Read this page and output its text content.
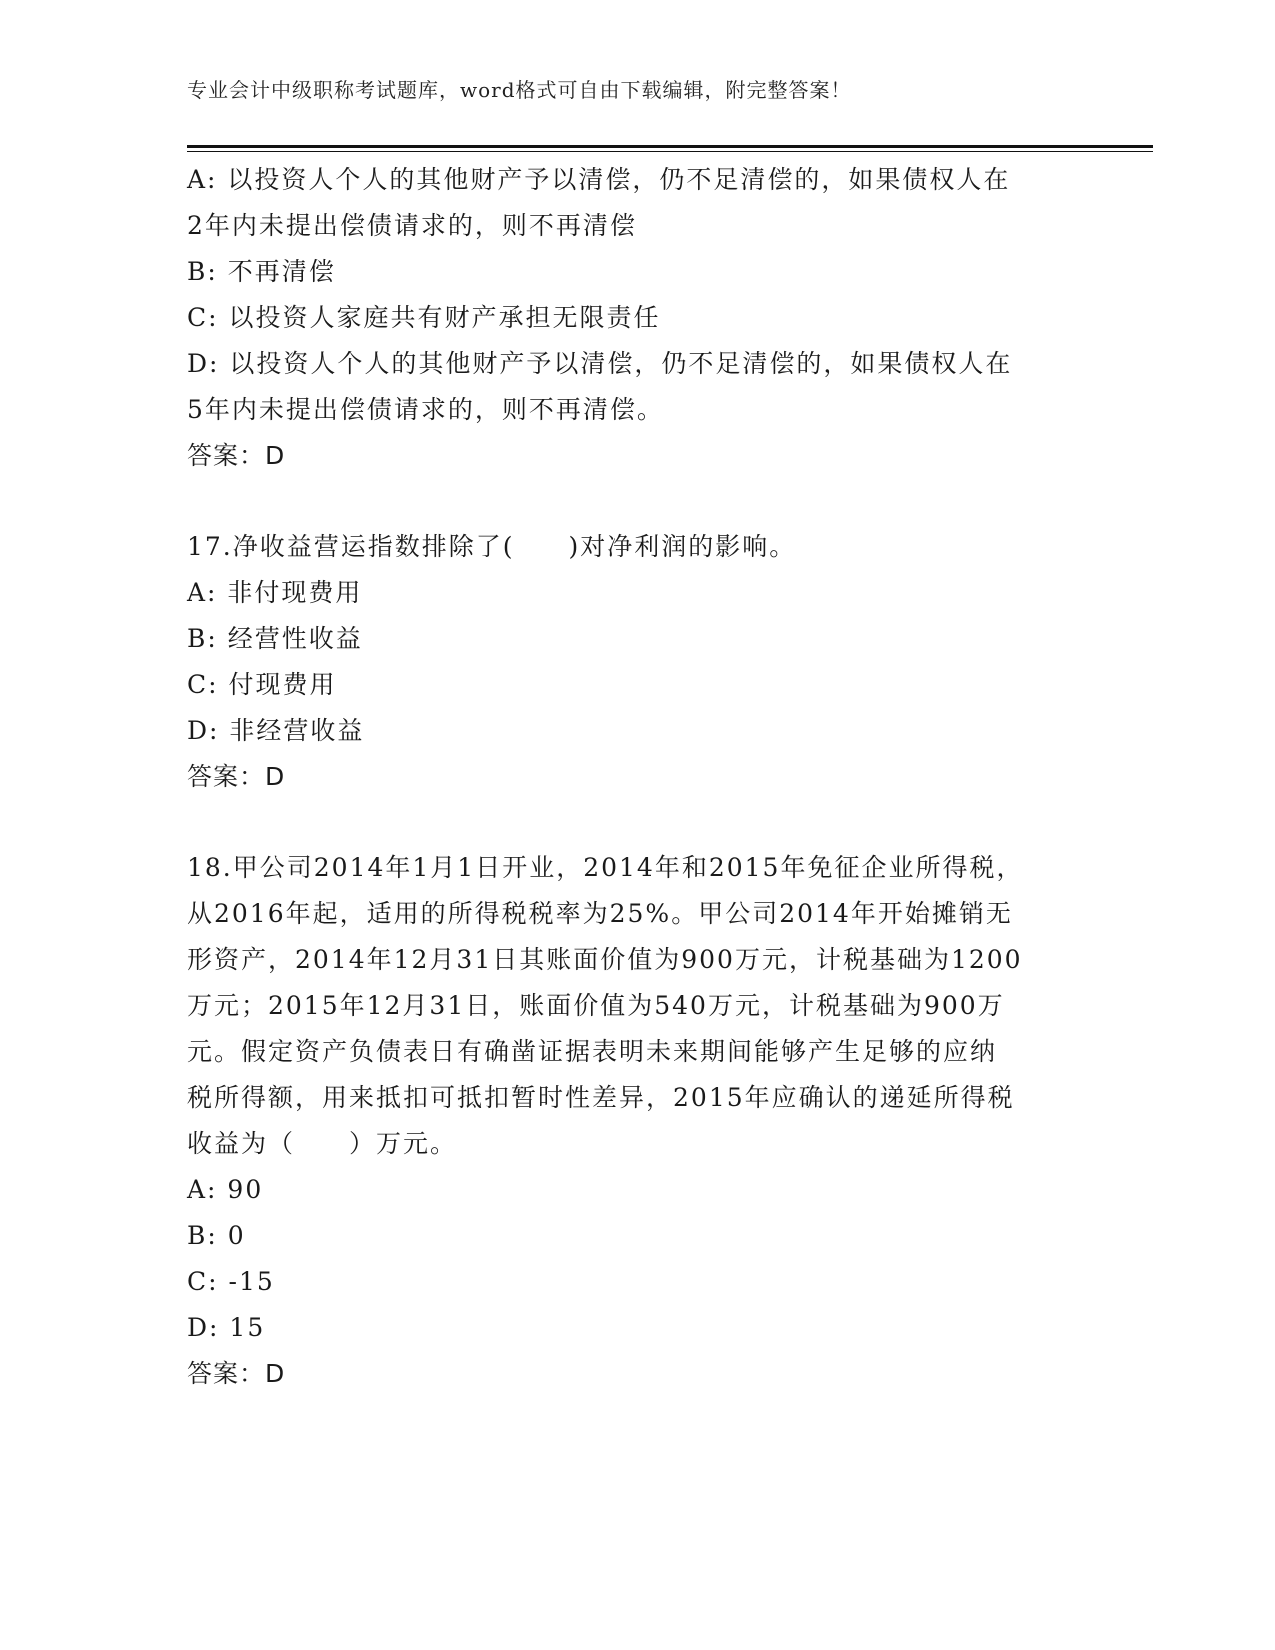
专业会计中级职称考试题库，word格式可自由下载编辑，附完整答案！
A: 以投资人个人的其他财产予以清偿，仍不足清偿的，如果债权人在
2年内未提出偿债请求的，则不再清偿
B: 不再清偿
C: 以投资人家庭共有财产承担无限责任
D: 以投资人个人的其他财产予以清偿，仍不足清偿的，如果债权人在
5年内未提出偿债请求的，则不再清偿。
答案：D
17.净收益营运指数排除了(　　)对净利润的影响。
A: 非付现费用
B: 经营性收益
C: 付现费用
D: 非经营收益
答案：D
18.甲公司2014年1月1日开业，2014年和2015年免征企业所得税，
从2016年起，适用的所得税税率为25%。甲公司2014年开始摊销无
形资产，2014年12月31日其账面价值为900万元，计税基础为1200
万元；2015年12月31日，账面价值为540万元，计税基础为900万
元。假定资产负债表日有确凿证据表明未来期间能够产生足够的应纳
税所得额，用来抵扣可抵扣暂时性差异，2015年应确认的递延所得税
收益为（　　）万元。
A: 90
B: 0
C: -15
D: 15
答案：D
